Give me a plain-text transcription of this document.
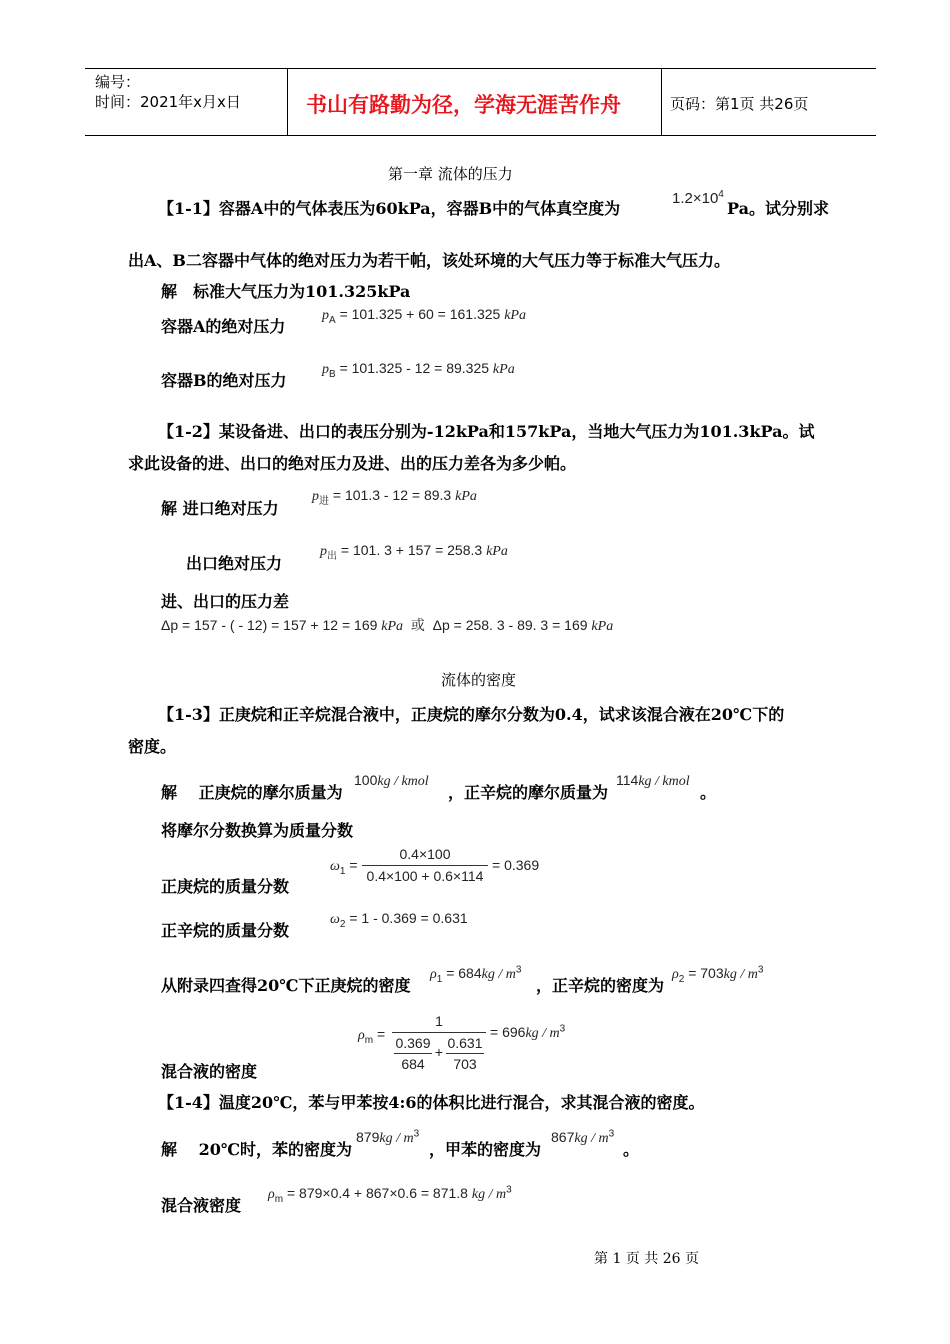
编号：
时间：2021年x月x日	书山有路勤为径，学海无涯苦作舟	页码：第1页 共26页
第一章 流体的压力
【1-1】容器A中的气体表压为60kPa，容器B中的气体真空度为
$1.2\times 10^4$
Pa。试分别求
出A、B二容器中气体的绝对压力为若干帕，该处环境的大气压力等于标准大气压力。
解　标准大气压力为101.325kPa
容器A的绝对压力
$p_A = 101.325 + 60 = 161.325$ kPa
容器B的绝对压力
$p_B = 101.325 - 12 = 89.325$ kPa
【1-2】某设备进、出口的表压分别为-12kPa和157kPa，当地大气压力为101.3kPa。试
求此设备的进、出口的绝对压力及进、出的压力差各为多少帕。
解 进口绝对压力
$p_进 = 101.3 - 12 = 89.3$ kPa
出口绝对压力
$p_出 = 101$. 3 + 157 = 258.3 kPa
进、出口的压力差
Δp = 157 - ( - 12) = 157 + 12 = 169 kPa 或 Δp = 258. 3 - 89. 3 = 169 kPa
流体的密度
【1-3】正庚烷和正辛烷混合液中，正庚烷的摩尔分数为0.4，试求该混合液在20℃下的
密度。
解　 正庚烷的摩尔质量为
100kg / kmol
，正辛烷的摩尔质量为
114kg / kmol
。
将摩尔分数换算为质量分数
正庚烷的质量分数
$\omega_1$ =
0.4×100
0.4×100 + 0.6×114
= 0.369
正辛烷的质量分数
$\omega_2 = 1 - 0.369 = 0.631$
从附录四查得20℃下正庚烷的密度
$\rho_1 = 684kg / m^3$
，正辛烷的密度为
$\rho_2 = 703kg / m^3$
混合液的密度
$\rho_m$ =
1
0.369
684
+
0.631
703
= $696kg / m^3$
【1-4】温度20℃，苯与甲苯按4:6的体积比进行混合，求其混合液的密度。
解　 20℃时，苯的密度为
$879kg / m^3$
，甲苯的密度为
$867kg / m^3$
。
混合液密度
$\rho_m = 879\times 0.4 + 867\times 0.6 = 871.8$ kg / $m^3$
第 1 页 共 26 页
